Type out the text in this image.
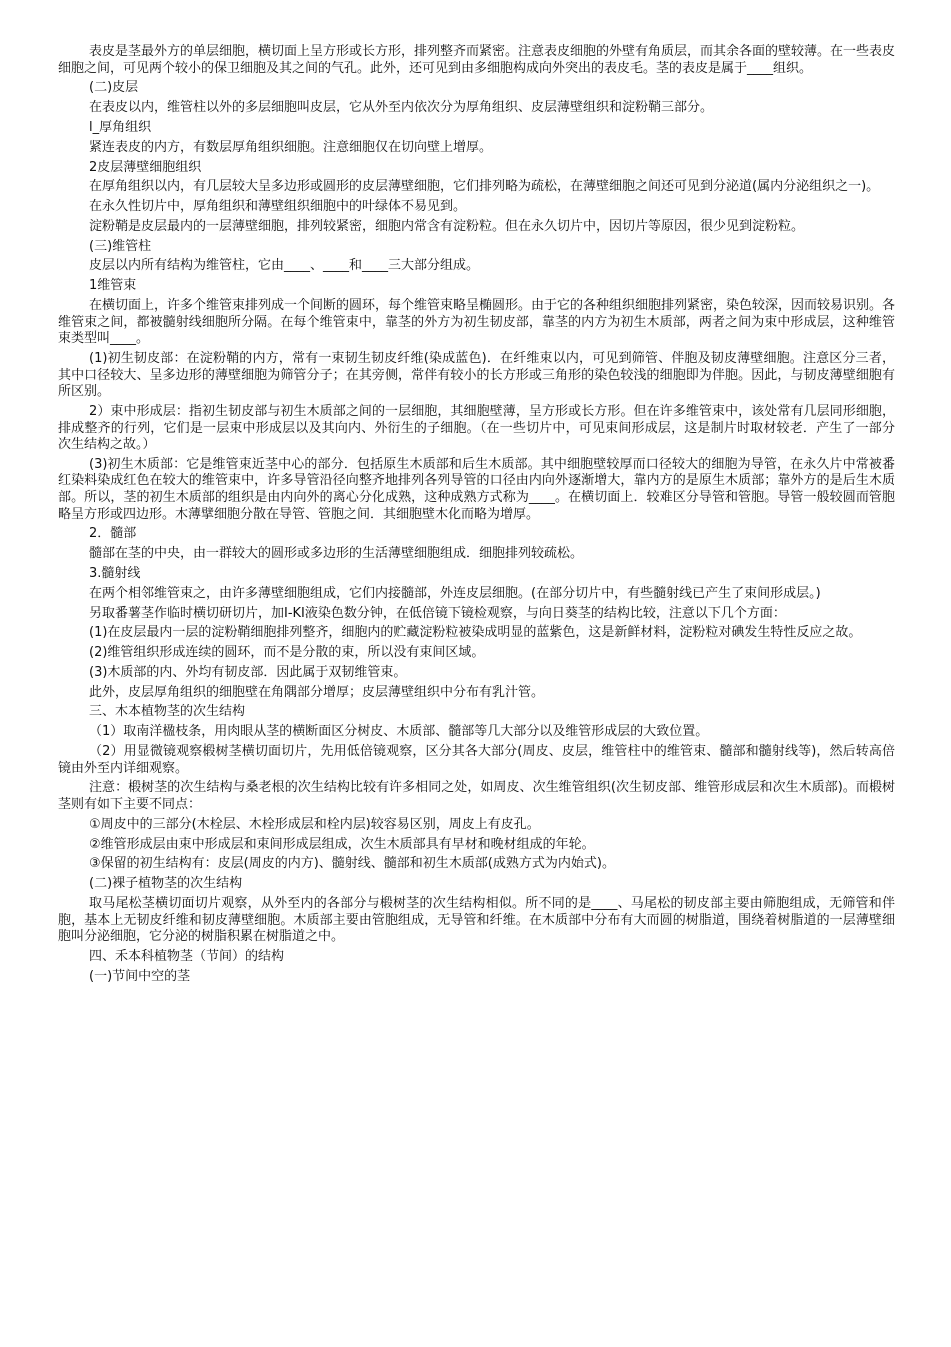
表皮是茎最外方的单层细胞，横切面上呈方形或长方形，排列整齐而紧密。注意表皮细胞的外壁有角质层，而其余各面的壁较薄。在一些表皮细胞之间，可见两个较小的保卫细胞及其之间的气孔。此外，还可见到由多细胞构成向外突出的表皮毛。茎的表皮是属于____组织。

(二)皮层

在表皮以内，维管柱以外的多层细胞叫皮层，它从外至内依次分为厚角组织、皮层薄壁组织和淀粉鞘三部分。

l_厚角组织

紧连表皮的内方，有数层厚角组织细胞。注意细胞仅在切向壁上增厚。

2皮层薄壁细胞组织

在厚角组织以内，有几层较大呈多边形或圆形的皮层薄壁细胞，它们排列略为疏松，在薄壁细胞之间还可见到分泌道(属内分泌组织之一)。

在永久性切片中，厚角组织和薄壁组织细胞中的叶绿体不易见到。

淀粉鞘是皮层最内的一层薄壁细胞，排列较紧密，细胞内常含有淀粉粒。但在永久切片中，因切片等原因，很少见到淀粉粒。

(三)维管柱

皮层以内所有结构为维管柱，它由____、____和____三大部分组成。

1维管束

在横切面上，许多个维管束排列成一个间断的圆环，每个维管束略呈椭圆形。由于它的各种组织细胞排列紧密，染色较深，因而较易识别。各维管束之间，都被髓射线细胞所分隔。在每个维管束中，靠茎的外方为初生韧皮部，靠茎的内方为初生木质部，两者之间为束中形成层，这种维管束类型叫____。

(1)初生韧皮部：在淀粉鞘的内方，常有一束韧生韧皮纤维(染成蓝色)．在纤维束以内，可见到筛管、伴胞及韧皮薄壁细胞。注意区分三者，其中口径较大、呈多边形的薄壁细胞为筛管分子；在其旁侧，常伴有较小的长方形或三角形的染色较浅的细胞即为伴胞。因此，与韧皮薄壁细胞有所区别。

2）束中形成层：指初生韧皮部与初生木质部之间的一层细胞，其细胞壁薄，呈方形或长方形。但在许多维管束中，该处常有几层同形细胞，排成整齐的行列，它们是一层束中形成层以及其向内、外衍生的子细胞。（在一些切片中，可见束间形成层，这是制片时取材较老．产生了一部分次生结构之故。）

(3)初生木质部：它是维管束近茎中心的部分．包括原生木质部和后生木质部。其中细胞壁较厚而口径较大的细胞为导管，在永久片中常被番红染料染成红色在较大的维管束中，许多导管沿径向整齐地排列各列导管的口径由内向外逐渐增大，靠内方的是原生木质部；靠外方的是后生木质部。所以，茎的初生木质部的组织是由内向外的离心分化成熟，这种成熟方式称为____。在横切面上．较难区分导管和管胞。导管一般较圆而管胞略呈方形或四边形。木薄擘细胞分散在导管、管胞之间．其细胞壁木化而略为增厚。

2．髓部

髓部在茎的中央，由一群较大的圆形或多边形的生活薄壁细胞组成．细胞排列较疏松。

3.髓射线

在两个相邻维管束之，由许多薄壁细胞组成，它们内接髓部，外连皮层细胞。(在部分切片中，有些髓射线已产生了束间形成层。)

另取番薯茎作临时横切研切片，加I-KI液染色数分钟，在低倍镜下镜检观察，与向日葵茎的结构比较，注意以下几个方面：

(1)在皮层最内一层的淀粉鞘细胞排列整齐，细胞内的贮藏淀粉粒被染成明显的蓝紫色，这是新鲜材料，淀粉粒对碘发生特性反应之故。

(2)维管组织形成连续的圆环，而不是分散的束，所以没有束间区域。

(3)木质部的内、外均有韧皮部．因此属于双韧维管束。

此外，皮层厚角组织的细胞壁在角隅部分增厚；皮层薄壁组织中分布有乳汁管。

三、木本植物茎的次生结构

（1）取南洋楹枝条，用肉眼从茎的横断面区分树皮、木质部、髓部等几大部分以及维管形成层的大致位置。

（2）用显微镜观察椴树茎横切面切片，先用低倍镜观察，区分其各大部分(周皮、皮层，维管柱中的维管束、髓部和髓射线等)，然后转高倍镜由外至内详细观察。

注意：椴树茎的次生结构与桑老根的次生结构比较有许多相同之处，如周皮、次生维管组织(次生韧皮部、维管形成层和次生木质部)。而椴树茎则有如下主要不同点：

①周皮中的三部分(木栓层、木栓形成层和栓内层)较容易区别，周皮上有皮孔。

②维管形成层由束中形成层和束间形成层组成，次生木质部具有早材和晚材组成的年轮。

③保留的初生结构有：皮层(周皮的内方)、髓射线、髓部和初生木质部(成熟方式为内始式)。

(二)裸子植物茎的次生结构

取马尾松茎横切面切片观察，从外至内的各部分与椴树茎的次生结构相似。所不同的是____、马尾松的韧皮部主要由筛胞组成，无筛管和伴胞，基本上无韧皮纤维和韧皮薄壁细胞。木质部主要由管胞组成，无导管和纤维。在木质部中分布有大而圆的树脂道，围绕着树脂道的一层薄壁细胞叫分泌细胞，它分泌的树脂积累在树脂道之中。

四、禾本科植物茎（节间）的结构

(一)节间中空的茎
